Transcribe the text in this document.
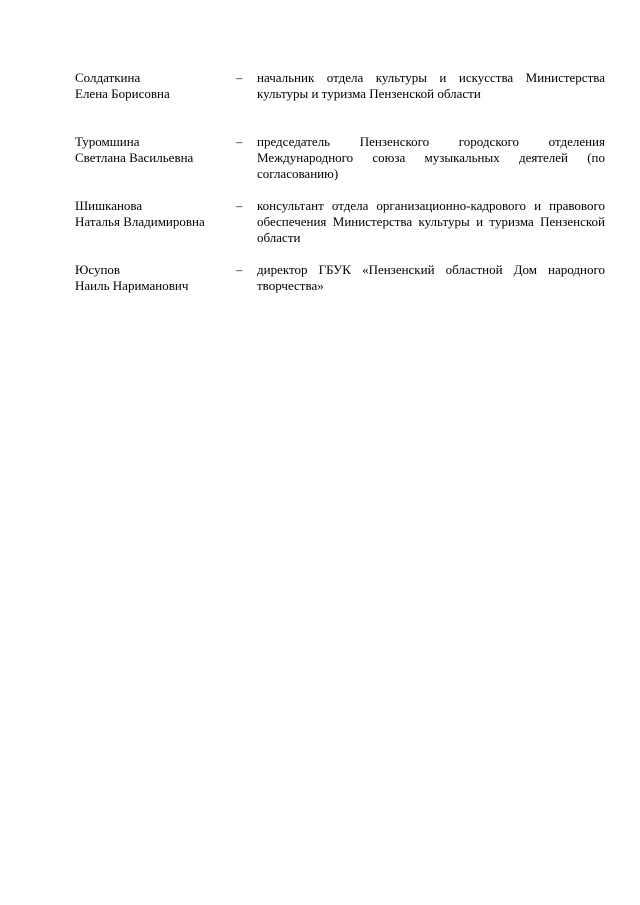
Солдаткина
Елена Борисовна
–	начальник отдела культуры и искусства Министерства культуры и туризма Пензенской области
Туромшина
Светлана Васильевна
–	председатель Пензенского городского отделения Международного союза музыкальных деятелей (по согласованию)
Шишканова
Наталья Владимировна
–	консультант отдела организационно-кадрового и правового обеспечения Министерства культуры и туризма Пензенской области
Юсупов
Наиль Нариманович
–	директор ГБУК «Пензенский областной Дом народного творчества»
